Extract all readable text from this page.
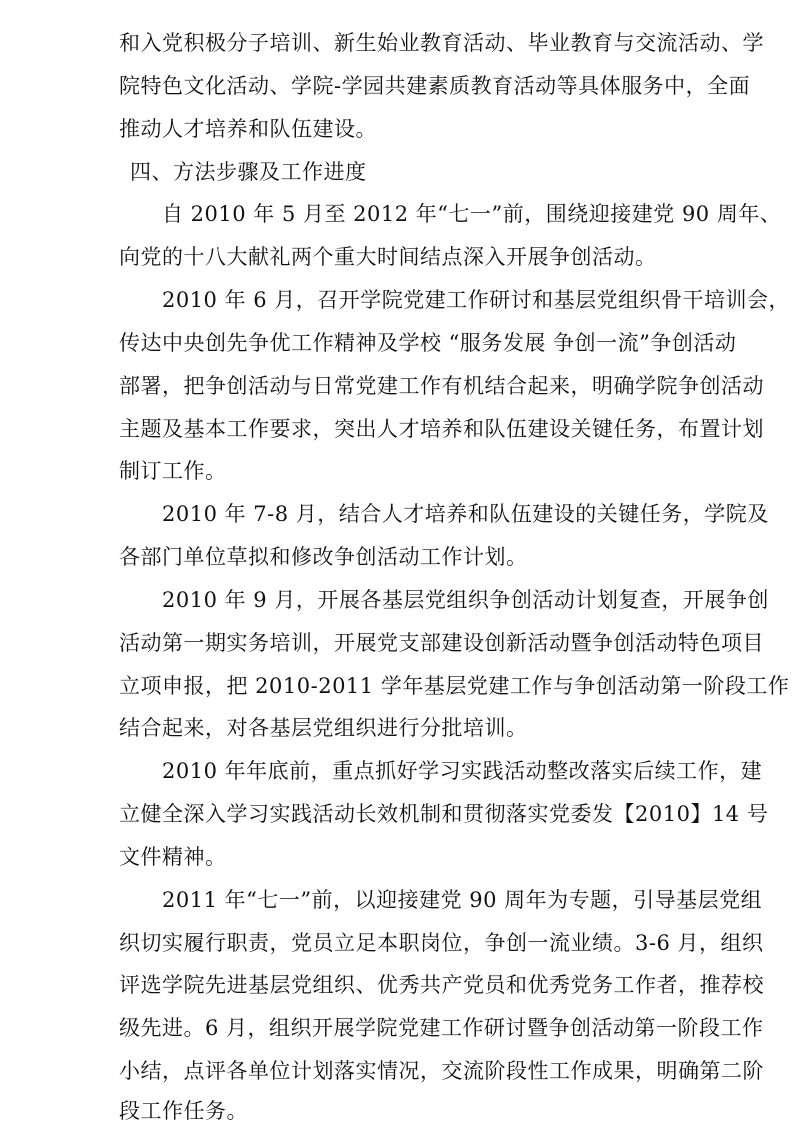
和入党积极分子培训、新生始业教育活动、毕业教育与交流活动、学
院特色文化活动、学院-学园共建素质教育活动等具体服务中，全面
推动人才培养和队伍建设。
四、方法步骤及工作进度
自 2010 年 5 月至 2012 年“七一”前，围绕迎接建党 90 周年、
向党的十八大献礼两个重大时间结点深入开展争创活动。
2010 年 6 月，召开学院党建工作研讨和基层党组织骨干培训会，
传达中央创先争优工作精神及学校 “服务发展 争创一流”争创活动
部署，把争创活动与日常党建工作有机结合起来，明确学院争创活动
主题及基本工作要求，突出人才培养和队伍建设关键任务，布置计划
制订工作。
2010 年 7-8 月，结合人才培养和队伍建设的关键任务，学院及
各部门单位草拟和修改争创活动工作计划。
2010 年 9 月，开展各基层党组织争创活动计划复查，开展争创
活动第一期实务培训，开展党支部建设创新活动暨争创活动特色项目
立项申报，把 2010-2011 学年基层党建工作与争创活动第一阶段工作
结合起来，对各基层党组织进行分批培训。
2010 年年底前，重点抓好学习实践活动整改落实后续工作，建
立健全深入学习实践活动长效机制和贯彻落实党委发【2010】14 号
文件精神。
2011 年“七一”前，以迎接建党 90 周年为专题，引导基层党组
织切实履行职责，党员立足本职岗位，争创一流业绩。3-6 月，组织
评选学院先进基层党组织、优秀共产党员和优秀党务工作者，推荐校
级先进。6 月，组织开展学院党建工作研讨暨争创活动第一阶段工作
小结，点评各单位计划落实情况，交流阶段性工作成果，明确第二阶
段工作任务。
